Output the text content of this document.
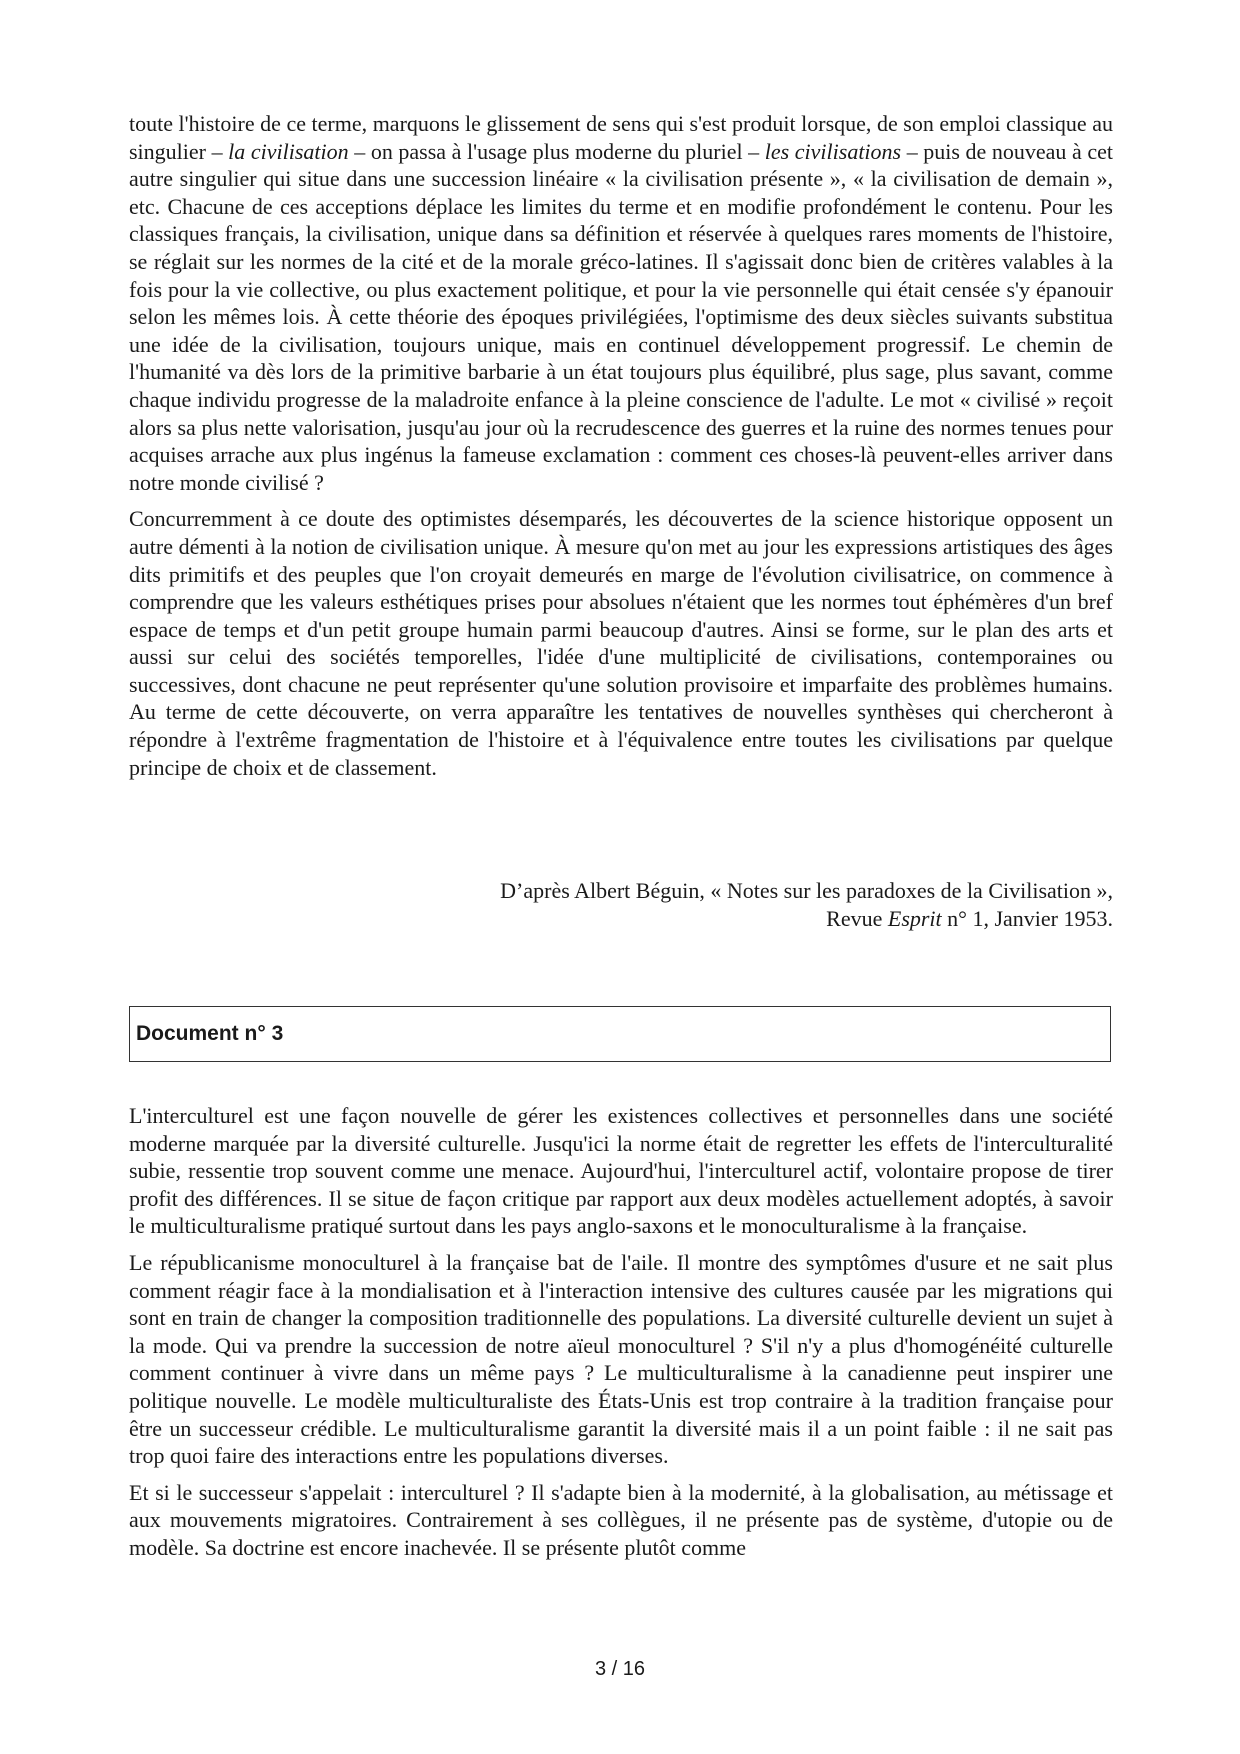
toute l'histoire de ce terme, marquons le glissement de sens qui s'est produit lorsque, de son emploi classique au singulier – la civilisation – on passa à l'usage plus moderne du pluriel – les civilisations – puis de nouveau à cet autre singulier qui situe dans une succession linéaire « la civilisation présente », « la civilisation de demain », etc. Chacune de ces acceptions déplace les limites du terme et en modifie profondément le contenu. Pour les classiques français, la civilisation, unique dans sa définition et réservée à quelques rares moments de l'histoire, se réglait sur les normes de la cité et de la morale gréco-latines. Il s'agissait donc bien de critères valables à la fois pour la vie collective, ou plus exactement politique, et pour la vie personnelle qui était censée s'y épanouir selon les mêmes lois. À cette théorie des époques privilégiées, l'optimisme des deux siècles suivants substitua une idée de la civilisation, toujours unique, mais en continuel développement progressif. Le chemin de l'humanité va dès lors de la primitive barbarie à un état toujours plus équilibré, plus sage, plus savant, comme chaque individu progresse de la maladroite enfance à la pleine conscience de l'adulte. Le mot « civilisé » reçoit alors sa plus nette valorisation, jusqu'au jour où la recrudescence des guerres et la ruine des normes tenues pour acquises arrache aux plus ingénus la fameuse exclamation : comment ces choses-là peuvent-elles arriver dans notre monde civilisé ?

Concurremment à ce doute des optimistes désemparés, les découvertes de la science historique opposent un autre démenti à la notion de civilisation unique. À mesure qu'on met au jour les expressions artistiques des âges dits primitifs et des peuples que l'on croyait demeurés en marge de l'évolution civilisatrice, on commence à comprendre que les valeurs esthétiques prises pour absolues n'étaient que les normes tout éphémères d'un bref espace de temps et d'un petit groupe humain parmi beaucoup d'autres. Ainsi se forme, sur le plan des arts et aussi sur celui des sociétés temporelles, l'idée d'une multiplicité de civilisations, contemporaines ou successives, dont chacune ne peut représenter qu'une solution provisoire et imparfaite des problèmes humains. Au terme de cette découverte, on verra apparaître les tentatives de nouvelles synthèses qui chercheront à répondre à l'extrême fragmentation de l'histoire et à l'équivalence entre toutes les civilisations par quelque principe de choix et de classement.

D’après Albert Béguin, « Notes sur les paradoxes de la Civilisation »,
Revue Esprit n° 1, Janvier 1953.
Document n° 3

L'interculturel est une façon nouvelle de gérer les existences collectives et personnelles dans une société moderne marquée par la diversité culturelle. Jusqu'ici la norme était de regretter les effets de l'interculturalité subie, ressentie trop souvent comme une menace. Aujourd'hui, l'interculturel actif, volontaire propose de tirer profit des différences. Il se situe de façon critique par rapport aux deux modèles actuellement adoptés, à savoir le multiculturalisme pratiqué surtout dans les pays anglo-saxons et le monoculturalisme à la française.

Le républicanisme monoculturel à la française bat de l'aile. Il montre des symptômes d'usure et ne sait plus comment réagir face à la mondialisation et à l'interaction intensive des cultures causée par les migrations qui sont en train de changer la composition traditionnelle des populations. La diversité culturelle devient un sujet à la mode. Qui va prendre la succession de notre aïeul monoculturel ? S'il n'y a plus d'homogénéité culturelle comment continuer à vivre dans un même pays ? Le multiculturalisme à la canadienne peut inspirer une politique nouvelle. Le modèle multiculturaliste des États-Unis est trop contraire à la tradition française pour être un successeur crédible. Le multiculturalisme garantit la diversité mais il a un point faible : il ne sait pas trop quoi faire des interactions entre les populations diverses.

Et si le successeur s'appelait : interculturel ? Il s'adapte bien à la modernité, à la globalisation, au métissage et aux mouvements migratoires. Contrairement à ses collègues, il ne présente pas de système, d'utopie ou de modèle. Sa doctrine est encore inachevée. Il se présente plutôt comme

3 / 16
